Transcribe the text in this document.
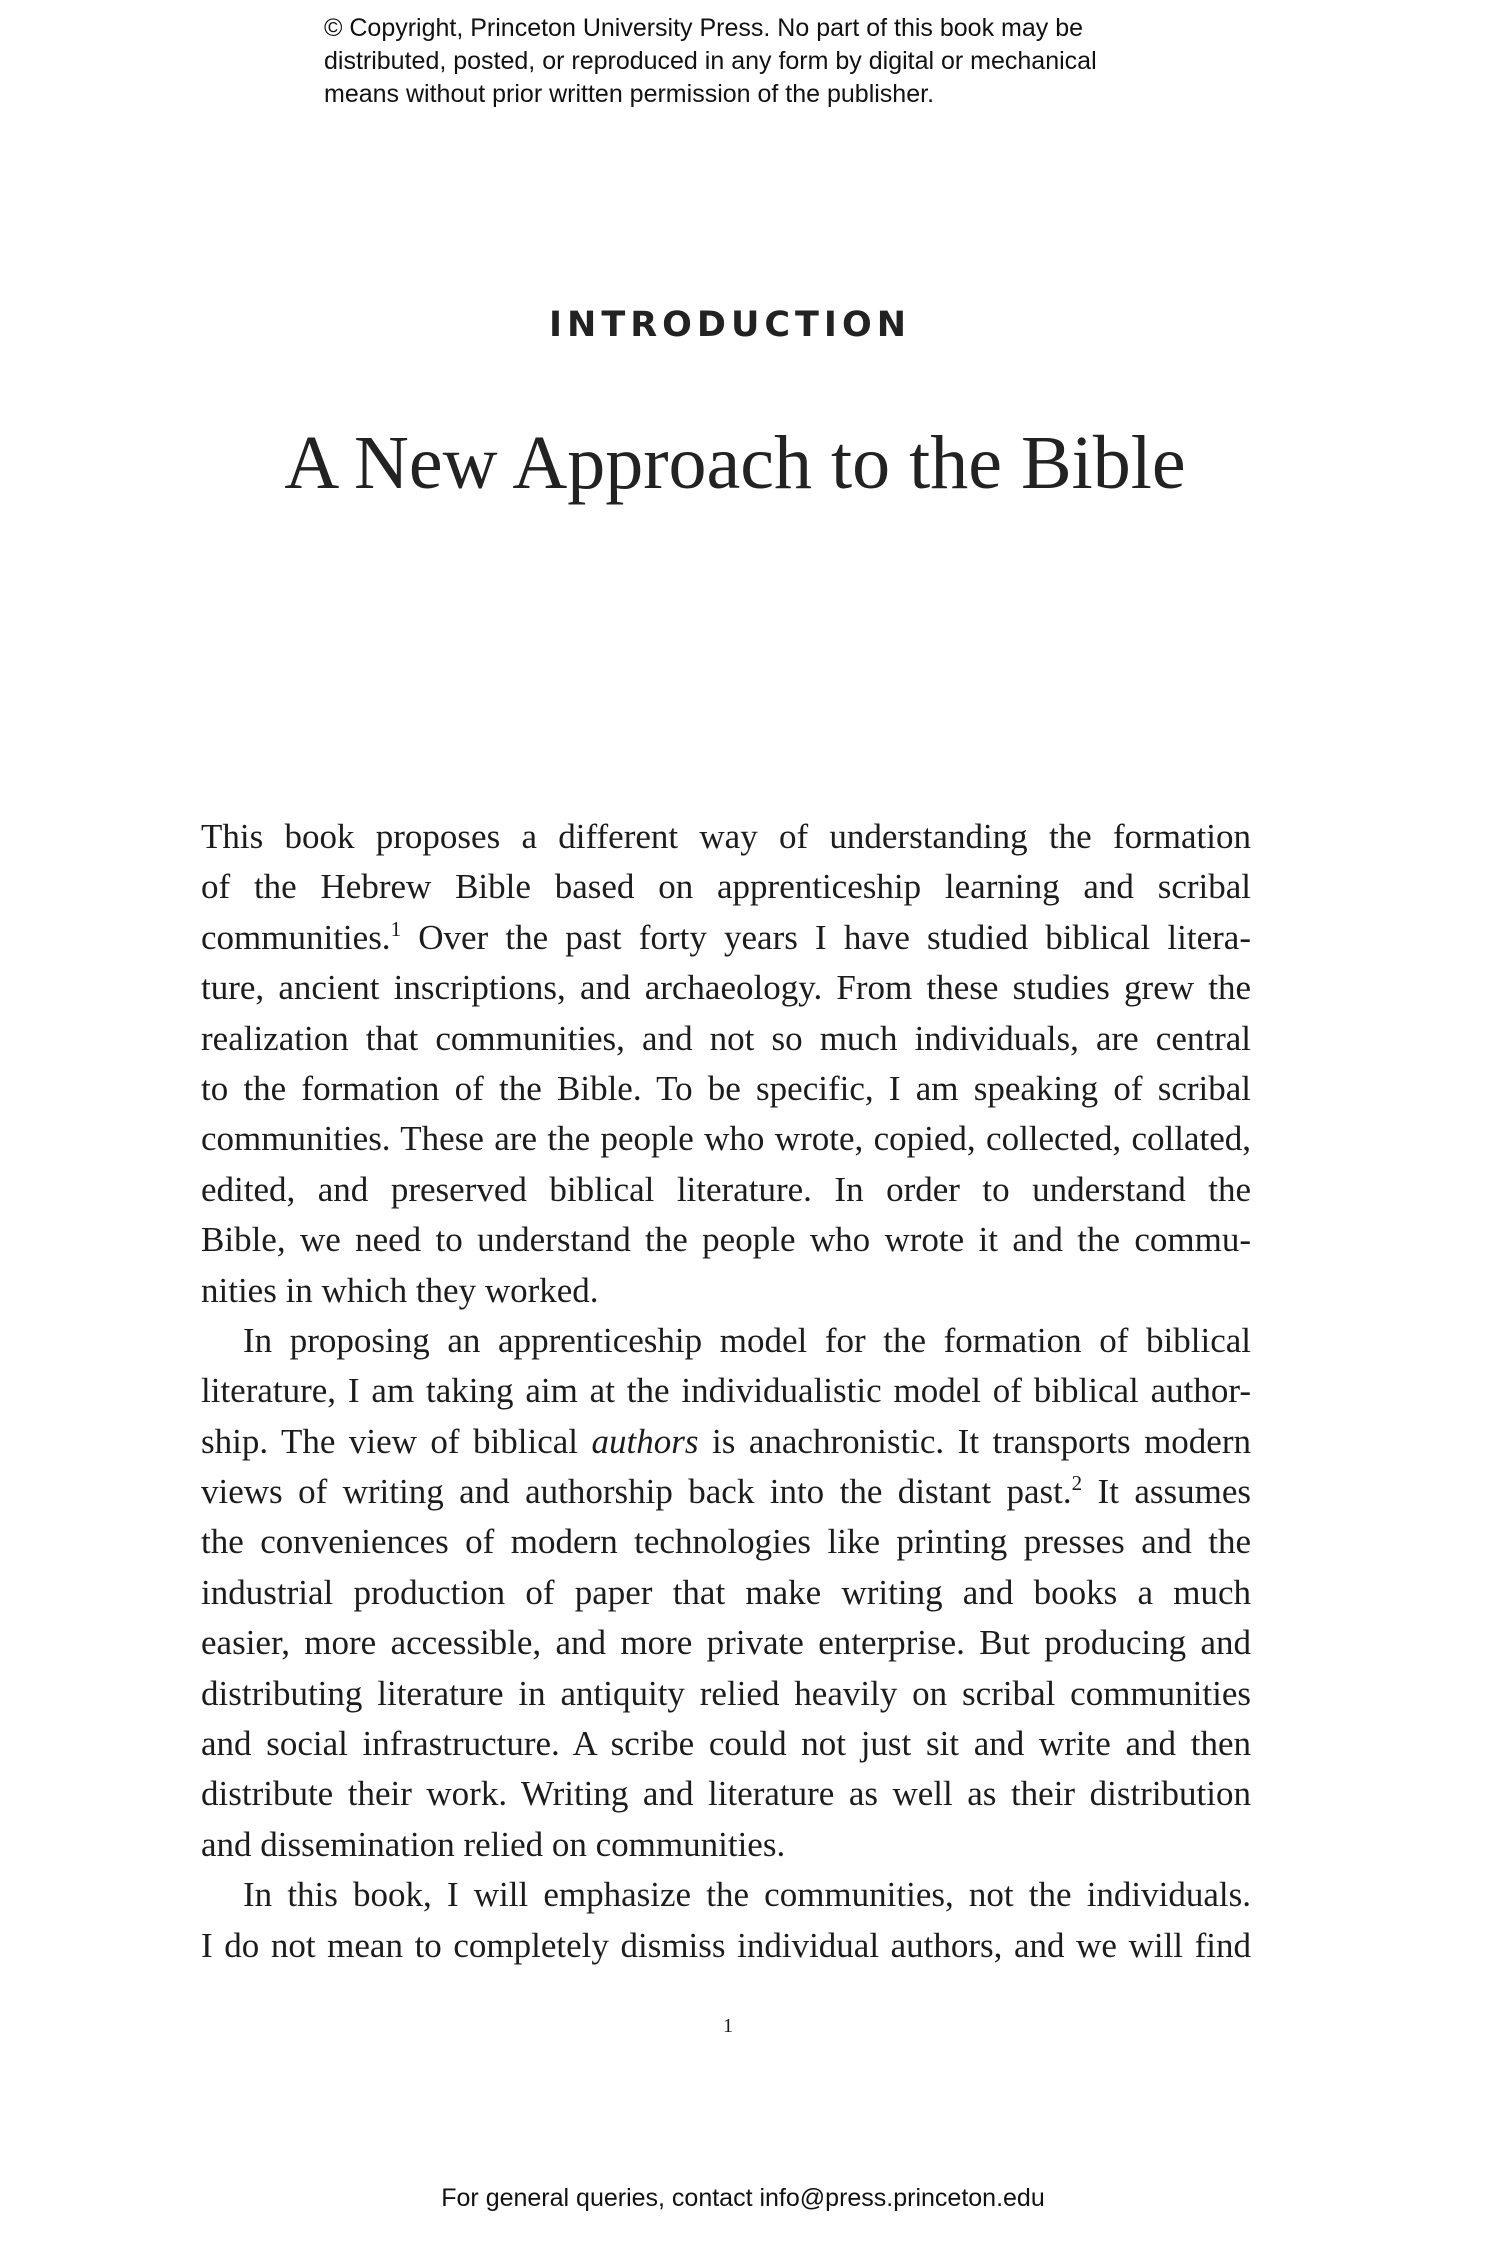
© Copyright, Princeton University Press. No part of this book may be
distributed, posted, or reproduced in any form by digital or mechanical
means without prior written permission of the publisher.
INTRODUCTION
A New Approach to the Bible
This book proposes a different way of understanding the formation
of the Hebrew Bible based on apprenticeship learning and scribal
communities.$^1$ Over the past forty years I have studied biblical litera-
ture, ancient inscriptions, and archaeology. From these studies grew the
realization that communities, and not so much individuals, are central
to the formation of the Bible. To be specific, I am speaking of scribal
communities. These are the people who wrote, copied, collected, collated,
edited, and preserved biblical literature. In order to understand the
Bible, we need to understand the people who wrote it and the commu-
nities in which they worked.
In proposing an apprenticeship model for the formation of biblical
literature, I am taking aim at the individualistic model of biblical author-
ship. The view of biblical authors is anachronistic. It transports modern
views of writing and authorship back into the distant past.$^2$ It assumes
the conveniences of modern technologies like printing presses and the
industrial production of paper that make writing and books a much
easier, more accessible, and more private enterprise. But producing and
distributing literature in antiquity relied heavily on scribal communities
and social infrastructure. A scribe could not just sit and write and then
distribute their work. Writing and literature as well as their distribution
and dissemination relied on communities.
In this book, I will emphasize the communities, not the individuals.
I do not mean to completely dismiss individual authors, and we will find
1
For general queries, contact info@press.princeton.edu
